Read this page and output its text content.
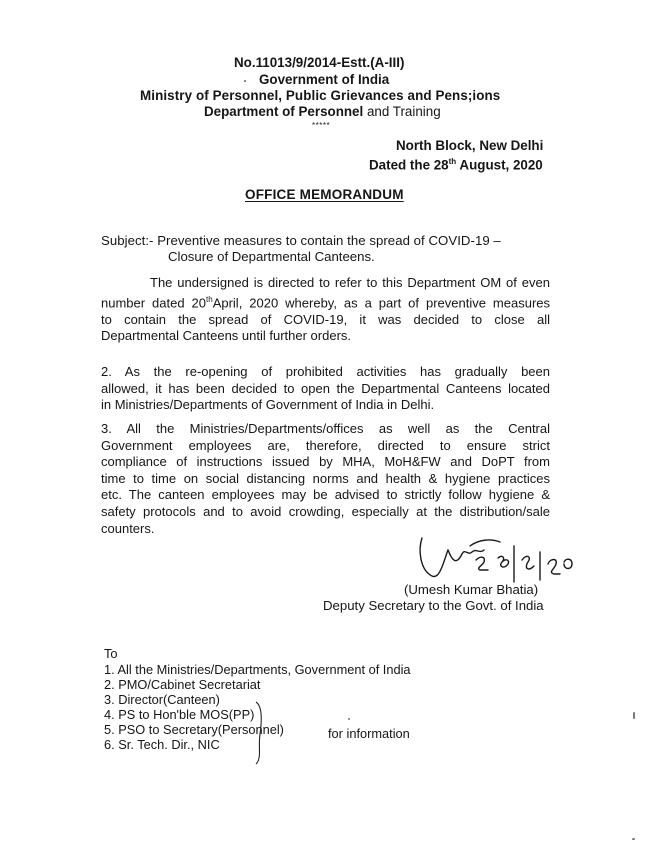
No.11013/9/2014-Estt.(A-III)
Government of India
Ministry of Personnel, Public Grievances and Pens;ions
Department of Personnel and Training
*****
North Block, New Delhi
Dated the 28th August, 2020
OFFICE MEMORANDUM
Subject:- Preventive measures to contain the spread of COVID-19 –
Closure of Departmental Canteens.
The undersigned is directed to refer to this Department OM of even
number dated 20thApril, 2020 whereby, as a part of preventive measures
to contain the spread of COVID-19, it was decided to close all
Departmental Canteens until further orders.
2. As the re-opening of prohibited activities has gradually been
allowed, it has been decided to open the Departmental Canteens located
in Ministries/Departments of Government of India in Delhi.
3. All the Ministries/Departments/offices as well as the Central
Government employees are, therefore, directed to ensure strict
compliance of instructions issued by MHA, MoH&FW and DoPT from
time to time on social distancing norms and health & hygiene practices
etc. The canteen employees may be advised to strictly follow hygiene &
safety protocols and to avoid crowding, especially at the distribution/sale
counters.
(Umesh Kumar Bhatia)
Deputy Secretary to the Govt. of India
To
1. All the Ministries/Departments, Government of India
2. PMO/Cabinet Secretariat
3. Director(Canteen)
4. PS to Hon'ble MOS(PP)
5. PSO to Secretary(Personnel)
6. Sr. Tech. Dir., NIC
for information
